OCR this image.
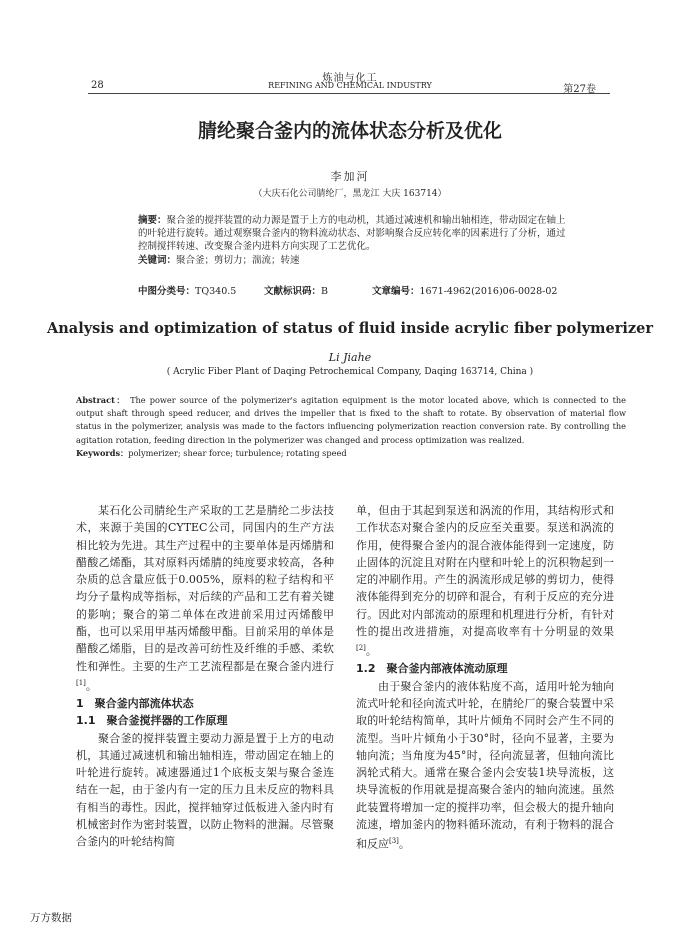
28
炼油与化工
REFINING AND CHEMICAL INDUSTRY	第27卷
腈纶聚合釜内的流体状态分析及优化
李加河
（大庆石化公司腈纶厂，黑龙江 大庆 163714）
摘要：聚合釜的搅拌装置的动力源是置于上方的电动机，其通过减速机和输出轴相连，带动固定在轴上的叶轮进行旋转。通过观察聚合釜内的物料流动状态、对影响聚合反应转化率的因素进行了分析，通过控制搅拌转速、改变聚合釜内进料方向实现了工艺优化。
关键词：聚合釜；剪切力；湍流；转速
中图分类号：TQ340.5	文献标识码：B	文章编号：1671-4962(2016)06-0028-02
Analysis and optimization of status of fluid inside acrylic fiber polymerizer
Li Jiahe
( Acrylic Fiber Plant of Daqing Petrochemical Company, Daqing 163714, China )
Abstract： The power source of the polymerizer's agitation equipment is the motor located above, which is connected to the output shaft through speed reducer, and drives the impeller that is fixed to the shaft to rotate. By observation of material flow status in the polymerizer, analysis was made to the factors influencing polymerization reaction conversion rate. By controlling the agitation rotation, feeding direction in the polymerizer was changed and process optimization was realized.
Keywords：polymerizer; shear force; turbulence; rotating speed

某石化公司腈纶生产采取的工艺是腈纶二步法技术，来源于美国的CYTEC公司，同国内的生产方法相比较为先进。其生产过程中的主要单体是丙烯腈和醋酸乙烯酯，其对原料丙烯腈的纯度要求较高，各种杂质的总含量应低于0.005%，原料的粒子结构和平均分子量构成等指标，对后续的产品和工艺有着关键的影响；聚合的第二单体在改进前采用过丙烯酸甲酯，也可以采用甲基丙烯酸甲酯。目前采用的单体是醋酸乙烯脂，目的是改善可纺性及纤维的手感、柔软性和弹性。主要的生产工艺流程都是在聚合釜内进行[1]。

1　聚合釜内部流体状态
1.1　聚合釜搅拌器的工作原理

聚合釜的搅拌装置主要动力源是置于上方的电动机，其通过减速机和输出轴相连，带动固定在轴上的叶轮进行旋转。减速器通过1个底板支架与聚合釜连结在一起，由于釜内有一定的压力且未反应的物料具有相当的毒性。因此，搅拌轴穿过低板进入釜内时有机械密封作为密封装置，以防止物料的泄漏。尽管聚合釜内的叶轮结构简

单，但由于其起到泵送和涡流的作用，其结构形式和工作状态对聚合釜内的反应至关重要。泵送和涡流的作用，使得聚合釜内的混合液体能得到一定速度，防止固体的沉淀且对附在内壁和叶轮上的沉积物起到一定的冲刷作用。产生的涡流形成足够的剪切力，使得液体能得到充分的切碎和混合，有利于反应的充分进行。因此对内部流动的原理和机理进行分析，有针对性的提出改进措施，对提高收率有十分明显的效果[2]。

1.2　聚合釜内部液体流动原理

由于聚合釜内的液体粘度不高，适用叶轮为轴向流式叶轮和径向流式叶轮，在腈纶厂的聚合装置中采取的叶轮结构简单，其叶片倾角不同时会产生不同的流型。当叶片倾角小于30°时，径向不显著，主要为轴向流；当角度为45°时，径向流显著，但轴向流比涡轮式稍大。通常在聚合釜内会安装1块导流板，这块导流板的作用就是提高聚合釜内的轴向流速。虽然此装置将增加一定的搅拌功率，但会极大的提升轴向流速，增加釜内的物料循环流动，有利于物料的混合和反应[3]。

万方数据
